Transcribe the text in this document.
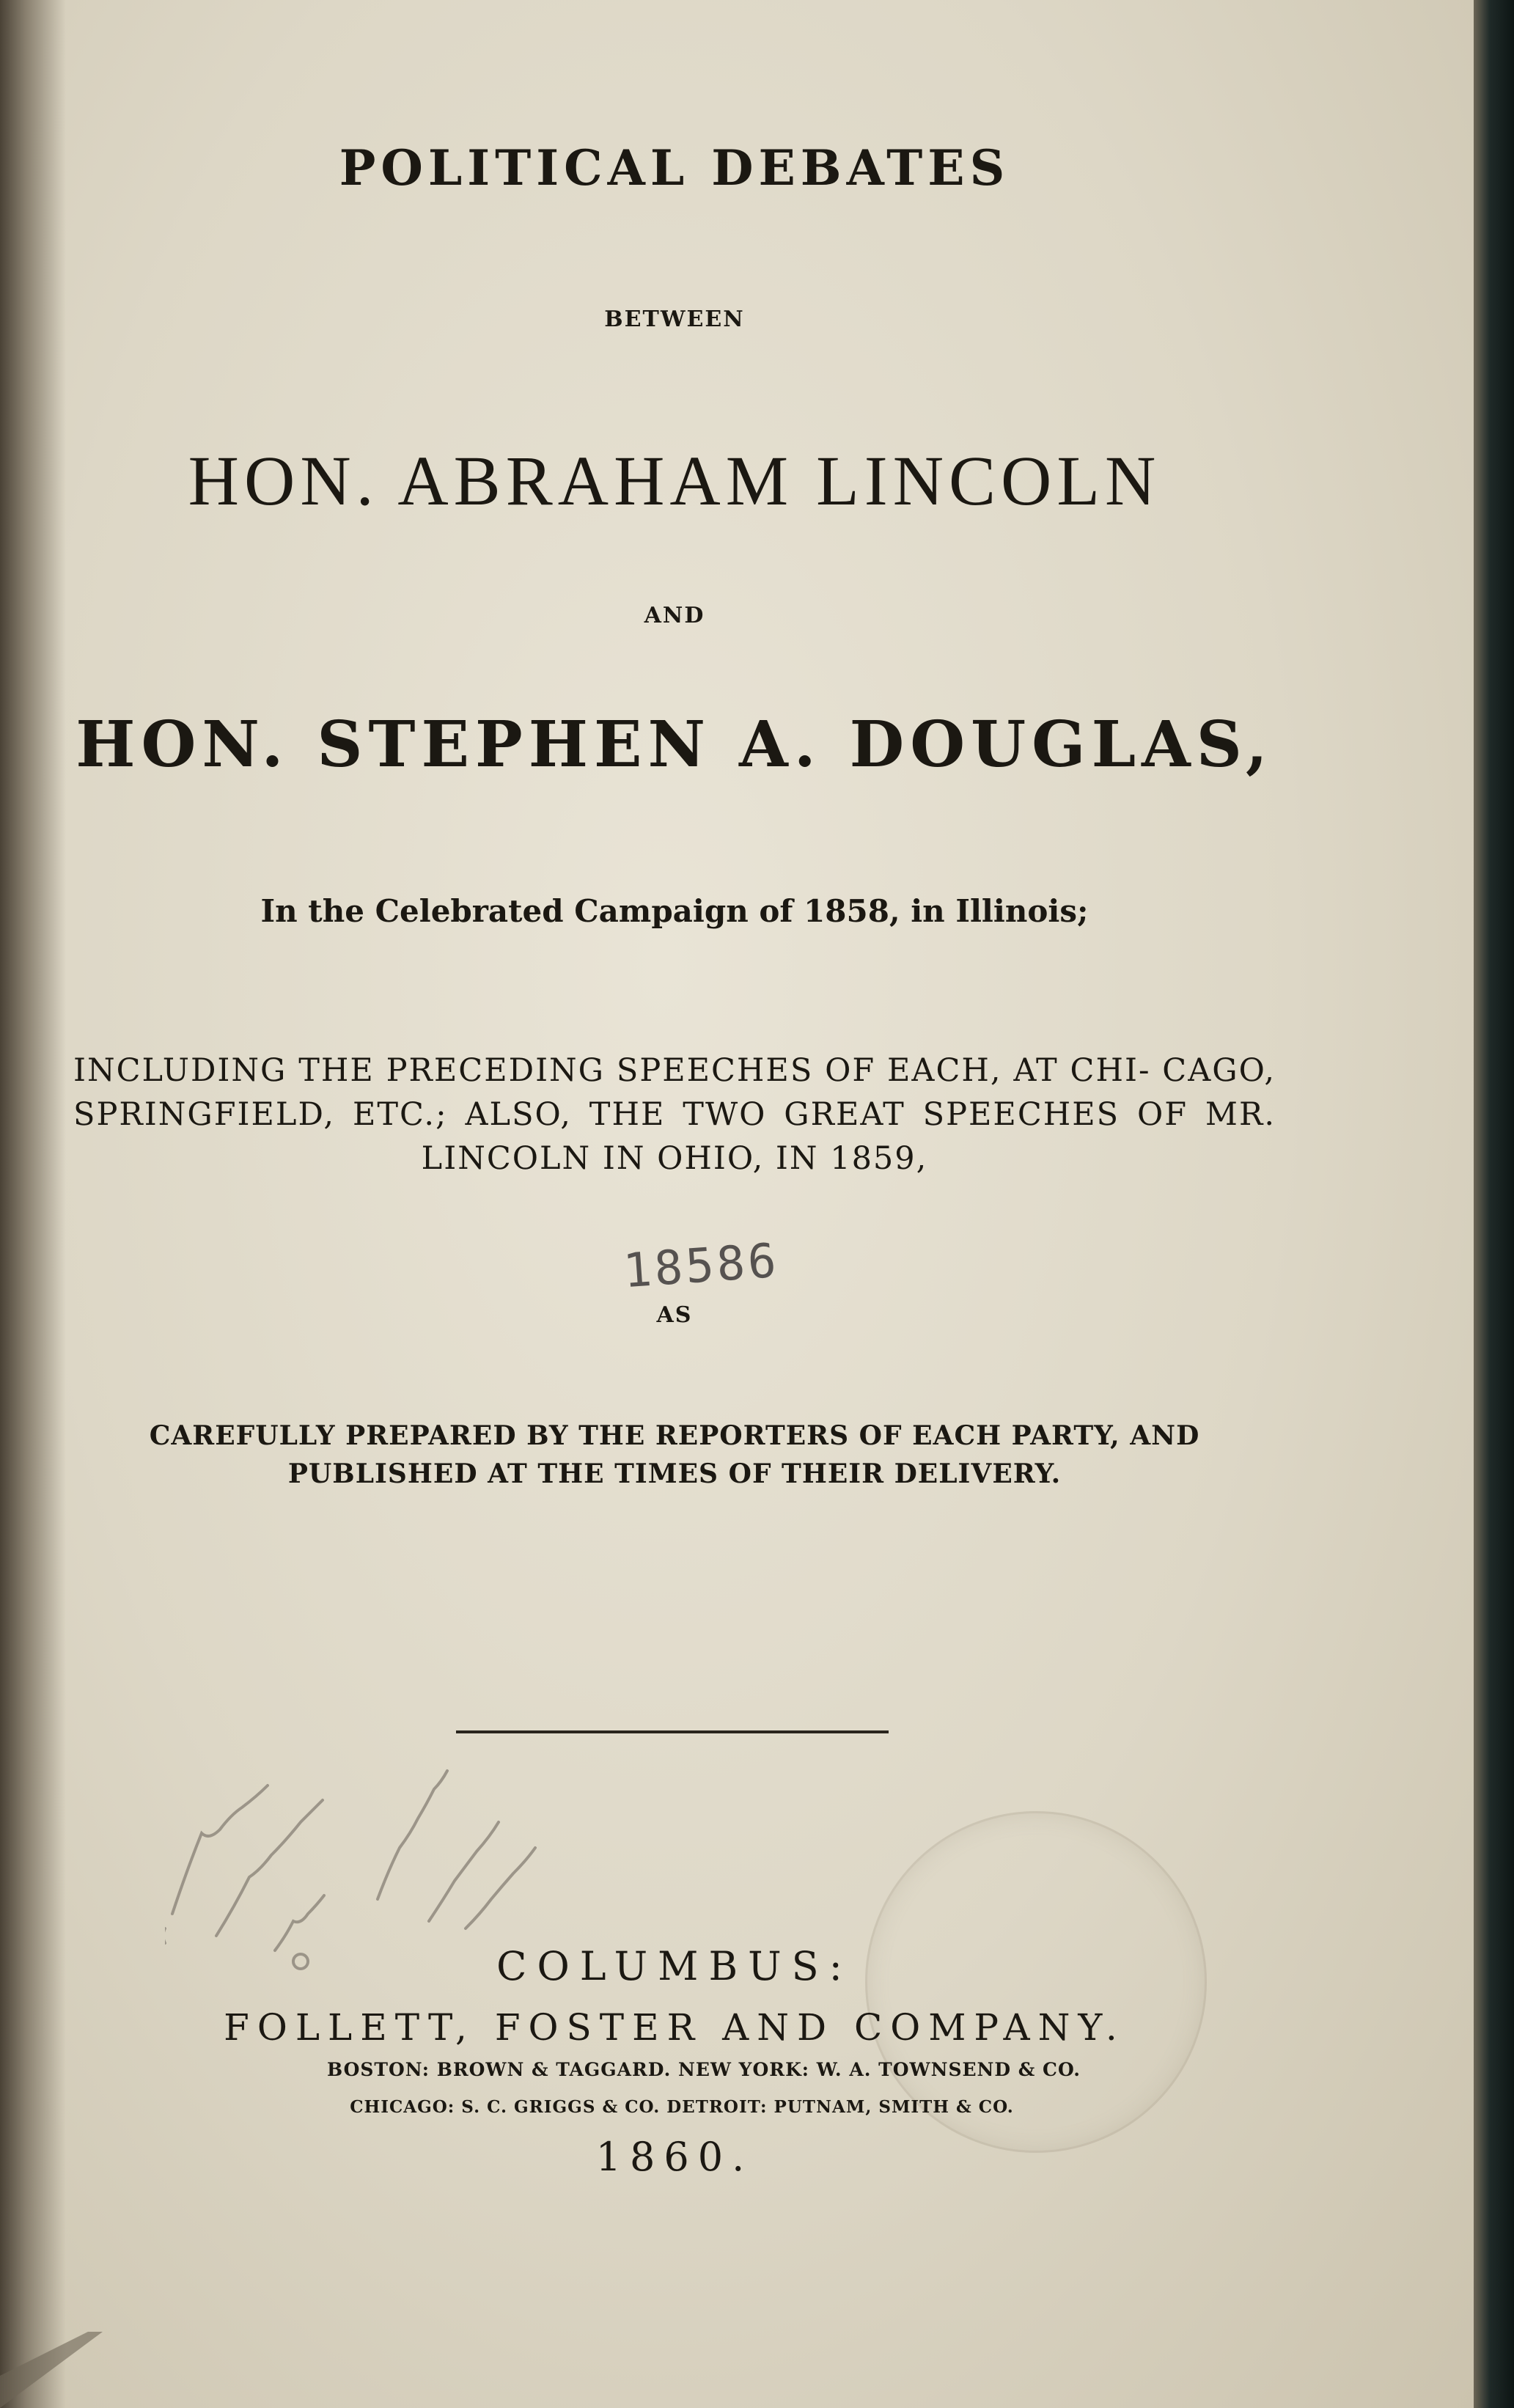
POLITICAL DEBATES
BETWEEN
HON. ABRAHAM LINCOLN
AND
HON. STEPHEN A. DOUGLAS,
In the Celebrated Campaign of 1858, in Illinois;
INCLUDING THE PRECEDING SPEECHES OF EACH, AT CHI- CAGO, SPRINGFIELD, ETC.; ALSO, THE TWO GREAT SPEECHES OF MR. LINCOLN IN OHIO, IN 1859,
18586
AS
CAREFULLY PREPARED BY THE REPORTERS OF EACH PARTY, AND PUBLISHED AT THE TIMES OF THEIR DELIVERY.
COLUMBUS:
FOLLETT, FOSTER AND COMPANY.
BOSTON: BROWN & TAGGARD. NEW YORK: W. A. TOWNSEND & CO.
CHICAGO: S. C. GRIGGS & CO. DETROIT: PUTNAM, SMITH & CO.
1860.
